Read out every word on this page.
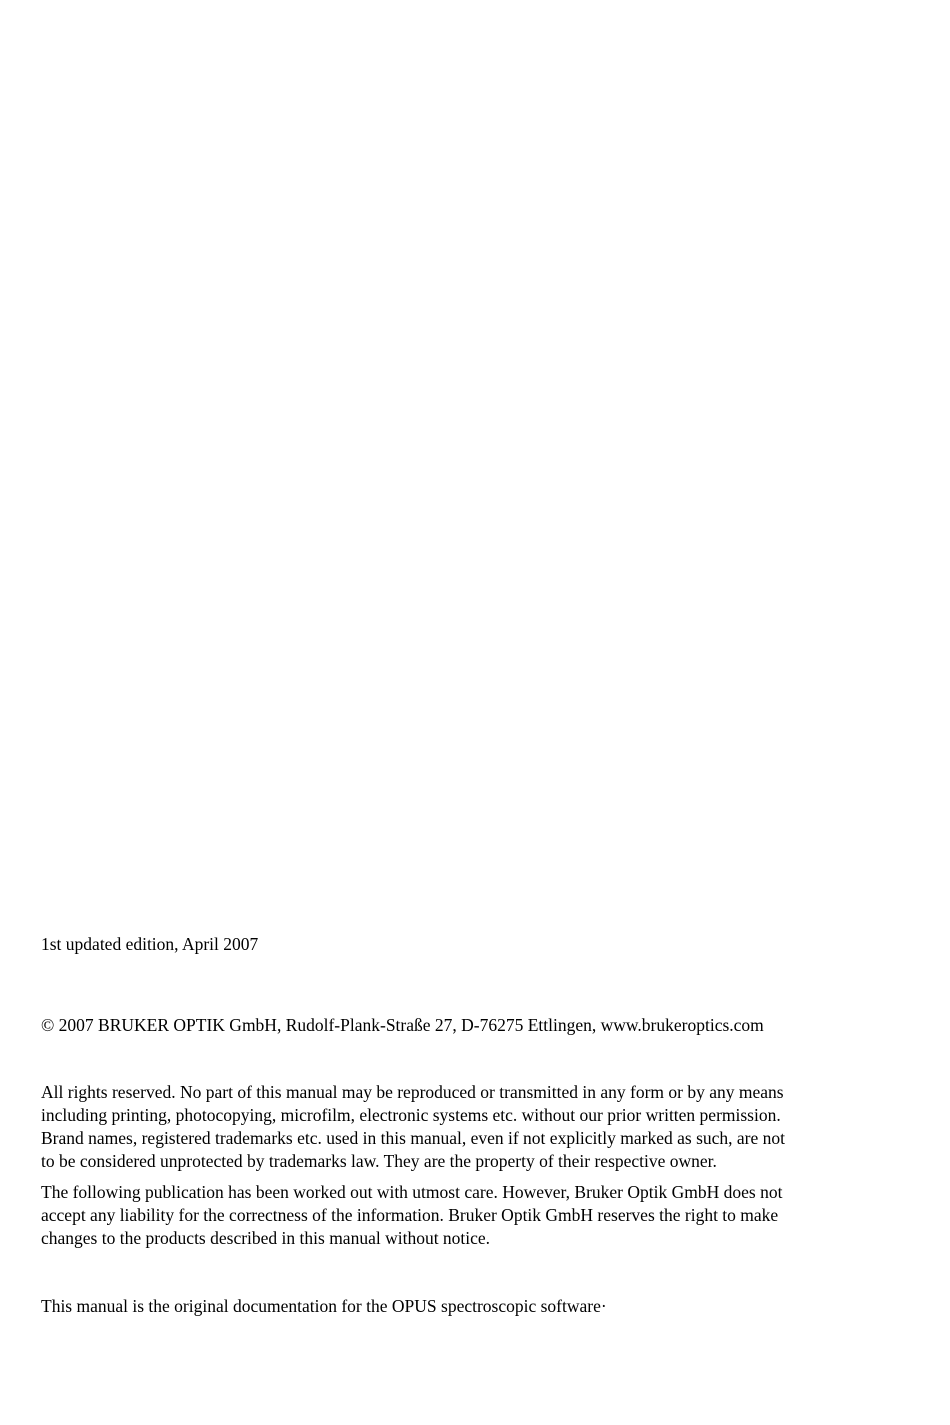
1st updated edition, April 2007

© 2007 BRUKER OPTIK GmbH, Rudolf-Plank-Straße 27, D-76275 Ettlingen, www.brukeroptics.com

All rights reserved. No part of this manual may be reproduced or transmitted in any form or by any means
including printing, photocopying, microfilm, electronic systems etc. without our prior written permission.
Brand names, registered trademarks etc. used in this manual, even if not explicitly marked as such, are not
to be considered unprotected by trademarks law. They are the property of their respective owner.

The following publication has been worked out with utmost care. However, Bruker Optik GmbH does not
accept any liability for the correctness of the information. Bruker Optik GmbH reserves the right to make
changes to the products described in this manual without notice.

This manual is the original documentation for the OPUS spectroscopic software·
